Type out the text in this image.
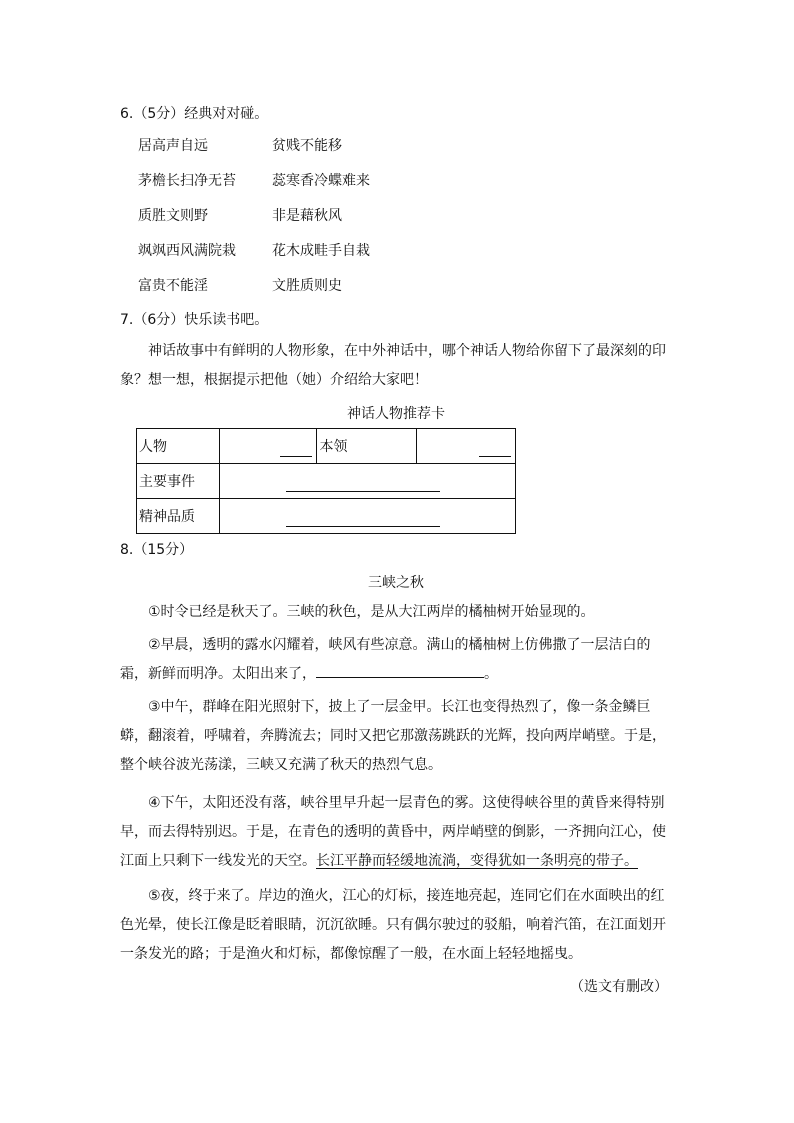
6.（5分）经典对对碰。
居高声自远	贫贱不能移
茅檐长扫净无苔	蕊寒香冷蝶难来
质胜文则野	非是藉秋风
飒飒西风满院栽	花木成畦手自栽
富贵不能淫	文胜质则史
7.（6分）快乐读书吧。

神话故事中有鲜明的人物形象，在中外神话中，哪个神话人物给你留下了最深刻的印象？想一想，根据提示把他（她）介绍给大家吧！

神话人物推荐卡
人物		本领	

主要事件			

精神品质			
8.（15分）
三峡之秋

①时令已经是秋天了。三峡的秋色，是从大江两岸的橘柚树开始显现的。

②早晨，透明的露水闪耀着，峡风有些凉意。满山的橘柚树上仿佛撒了一层洁白的霜，新鲜而明净。太阳出来了，	。

③中午，群峰在阳光照射下，披上了一层金甲。长江也变得热烈了，像一条金鳞巨蟒，翻滚着，呼啸着，奔腾流去；同时又把它那激荡跳跃的光辉，投向两岸峭壁。于是，整个峡谷波光荡漾，三峡又充满了秋天的热烈气息。

④下午，太阳还没有落，峡谷里早升起一层青色的雾。这使得峡谷里的黄昏来得特别早，而去得特别迟。于是，在青色的透明的黄昏中，两岸峭壁的倒影，一齐拥向江心，使江面上只剩下一线发光的天空。长江平静而轻缓地流淌，变得犹如一条明亮的带子。

⑤夜，终于来了。岸边的渔火，江心的灯标，接连地亮起，连同它们在水面映出的红色光晕，使长江像是眨着眼睛，沉沉欲睡。只有偶尔驶过的驳船，响着汽笛，在江面划开一条发光的路；于是渔火和灯标，都像惊醒了一般，在水面上轻轻地摇曳。

（选文有删改）
